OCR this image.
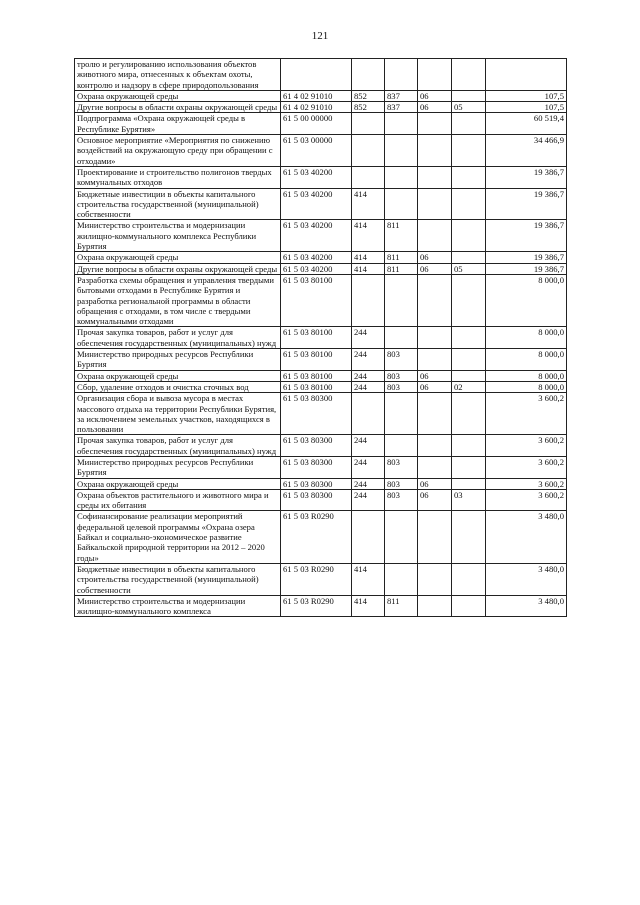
121
тролю и регулированию использования объектов животного мира, отнесенных к объектам охоты, контролю и надзору в сфере природопользования						
Охрана окружающей среды	61 4 02 91010	852	837	06		107,5
Другие вопросы в области охраны окружающей среды	61 4 02 91010	852	837	06	05	107,5
Подпрограмма «Охрана окружающей среды в Республике Бурятия»	61 5 00 00000					60 519,4
Основное мероприятие «Мероприятия по снижению воздействий на окружающую среду при обращении с отходами»	61 5 03 00000					34 466,9
Проектирование и строительство полигонов твердых коммунальных отходов	61 5 03 40200					19 386,7
Бюджетные инвестиции в объекты капитального строительства государственной (муниципальной) собственности	61 5 03 40200	414				19 386,7
Министерство строительства и модернизации жилищно-коммунального комплекса Республики Бурятия	61 5 03 40200	414	811			19 386,7
Охрана окружающей среды	61 5 03 40200	414	811	06		19 386,7
Другие вопросы в области охраны окружающей среды	61 5 03 40200	414	811	06	05	19 386,7
Разработка схемы обращения и управления твердыми бытовыми отходами в Республике Бурятия и разработка региональной программы в области обращения с отходами, в том числе с твердыми коммунальными отходами	61 5 03 80100					8 000,0
Прочая закупка товаров, работ и услуг для обеспечения государственных (муниципальных) нужд	61 5 03 80100	244				8 000,0
Министерство природных ресурсов Республики Бурятия	61 5 03 80100	244	803			8 000,0
Охрана окружающей среды	61 5 03 80100	244	803	06		8 000,0
Сбор, удаление отходов и очистка сточных вод	61 5 03 80100	244	803	06	02	8 000,0
Организация сбора и вывоза мусора в местах массового отдыха на территории Республики Бурятия, за исключением земельных участков, находящихся в пользовании	61 5 03 80300					3 600,2
Прочая закупка товаров, работ и услуг для обеспечения государственных (муниципальных) нужд	61 5 03 80300	244				3 600,2
Министерство природных ресурсов Республики Бурятия	61 5 03 80300	244	803			3 600,2
Охрана окружающей среды	61 5 03 80300	244	803	06		3 600,2
Охрана объектов растительного и животного мира и среды их обитания	61 5 03 80300	244	803	06	03	3 600,2
Софинансирование реализации мероприятий федеральной целевой программы «Охрана озера Байкал и социально-экономическое развитие Байкальской природной территории на 2012 – 2020 годы»	61 5 03 R0290					3 480,0
Бюджетные инвестиции в объекты капитального строительства государственной (муниципальной) собственности	61 5 03 R0290	414				3 480,0
Министерство строительства и модернизации жилищно-коммунального комплекса	61 5 03 R0290	414	811			3 480,0
